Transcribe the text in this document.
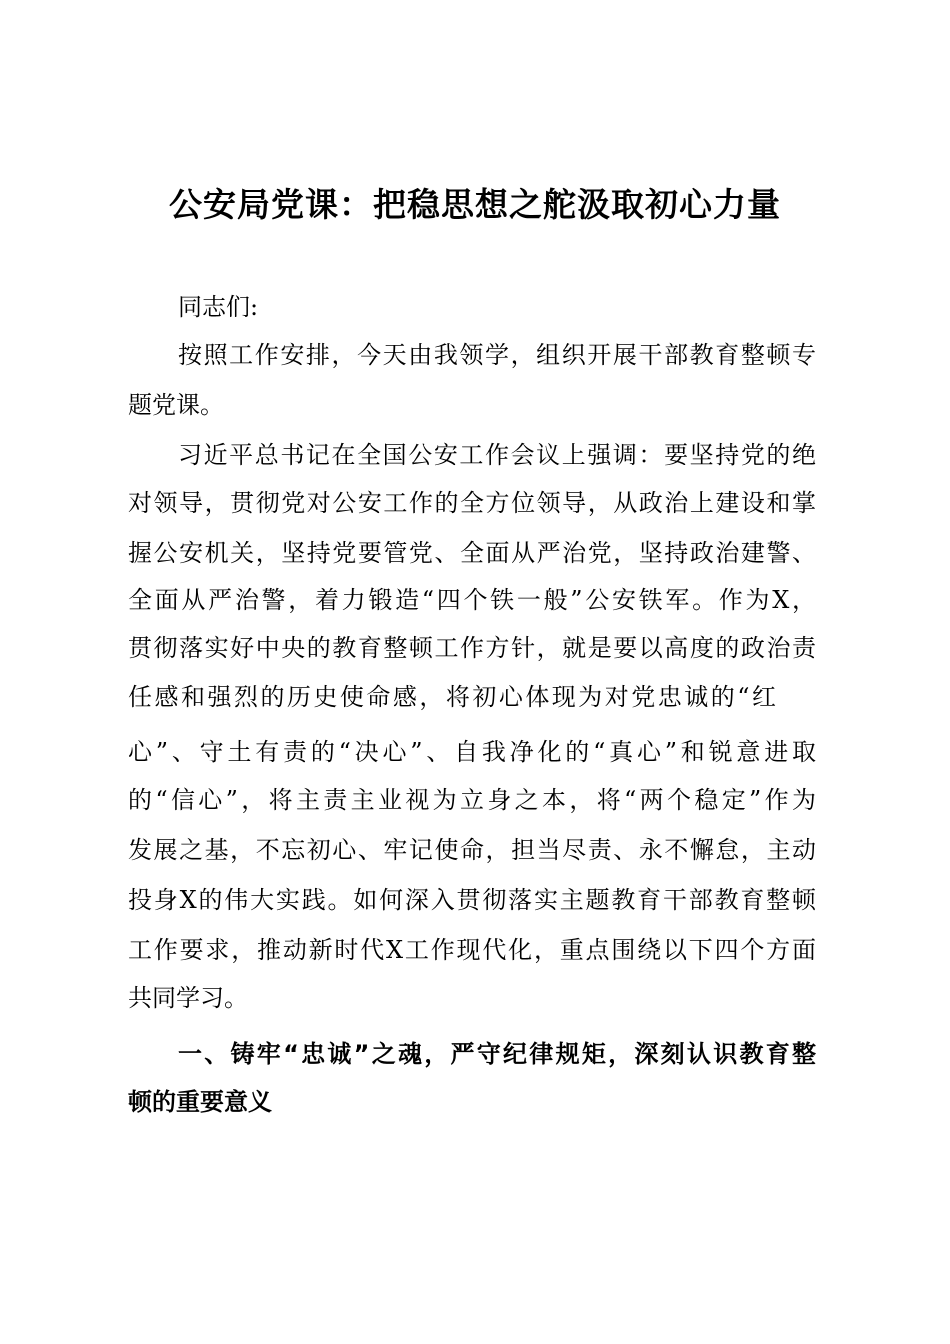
公安局党课：把稳思想之舵汲取初心力量
同志们:
按照工作安排，今天由我领学，组织开展干部教育整顿专
题党课。
习近平总书记在全国公安工作会议上强调：要坚持党的绝
对领导，贯彻党对公安工作的全方位领导，从政治上建设和掌
握公安机关，坚持党要管党、全面从严治党，坚持政治建警、
全面从严治警，着力锻造“四个铁一般”公安铁军。作为X，
贯彻落实好中央的教育整顿工作方针，就是要以高度的政治责
任感和强烈的历史使命感，将初心体现为对党忠诚的“红
心”、守土有责的“决心”、自我净化的“真心”和锐意进取
的“信心”，将主责主业视为立身之本，将“两个稳定”作为
发展之基，不忘初心、牢记使命，担当尽责、永不懈怠，主动
投身X的伟大实践。如何深入贯彻落实主题教育干部教育整顿
工作要求，推动新时代X工作现代化，重点围绕以下四个方面
共同学习。
一、铸牢“忠诚”之魂，严守纪律规矩，深刻认识教育整
顿的重要意义
